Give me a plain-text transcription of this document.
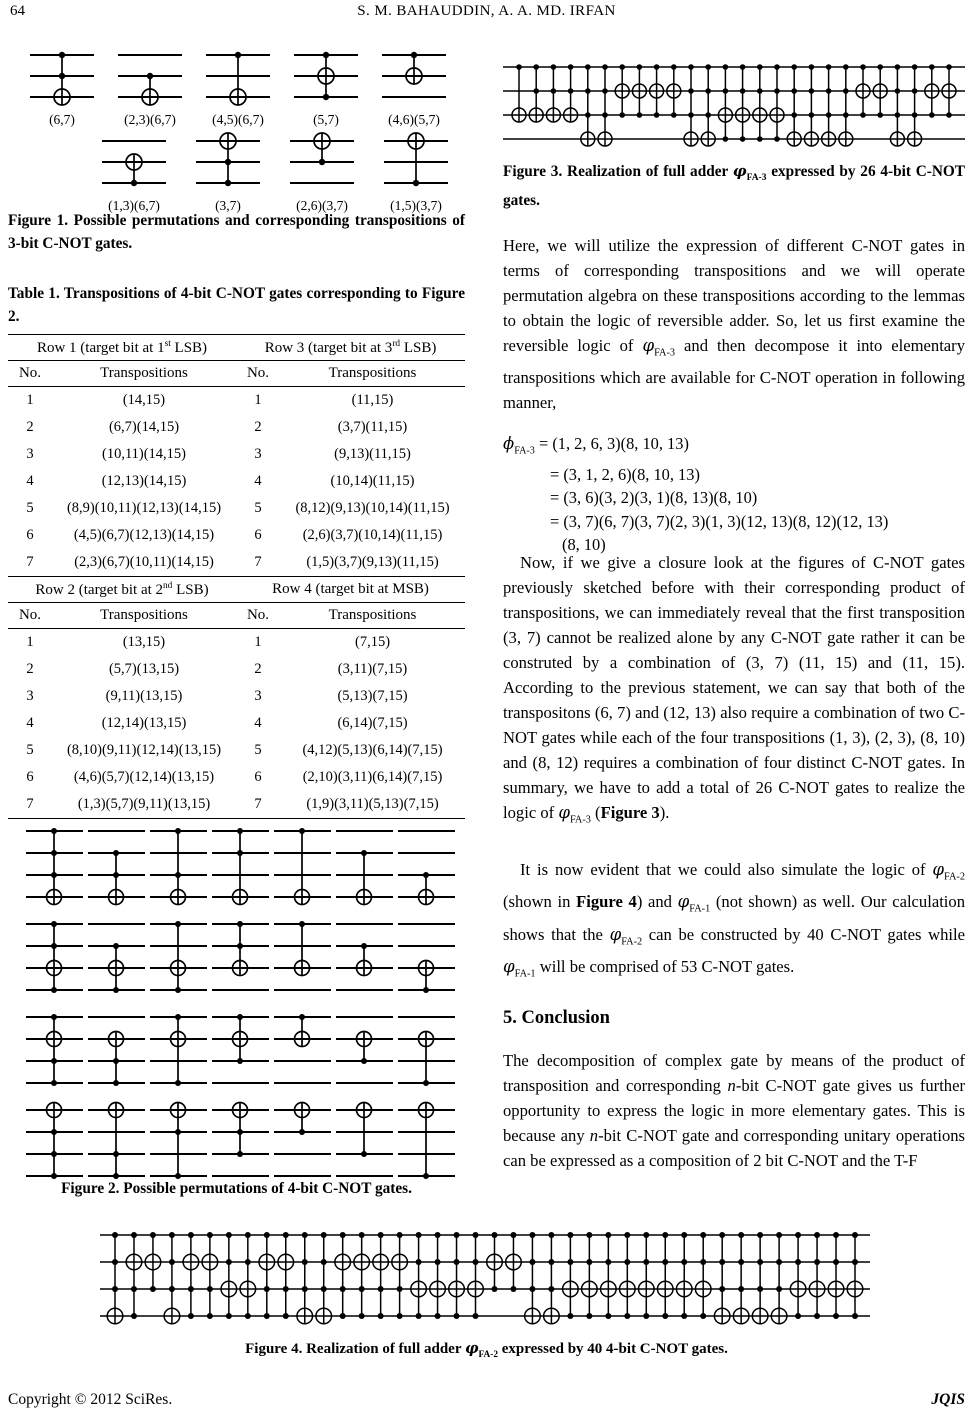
64	S. M. BAHAUDDIN, A. A. MD. IRFAN
(6,7)	(2,3)(6,7)	(4,5)(6,7)	(5,7)	(4,6)(5,7)
(1,3)(6,7)	(3,7)	(2,6)(3,7)	(1,5)(3,7)
Figure 1. Possible permutations and corresponding transpositions of 3-bit C-NOT gates.
Table 1. Transpositions of 4-bit C-NOT gates corresponding to Figure 2.
Row 1 (target bit at 1st LSB)		Row 3 (target bit at 3rd LSB)	
No.	Transpositions	No.	Transpositions
1	(14,15)	1	(11,15)
2	(6,7)(14,15)	2	(3,7)(11,15)
3	(10,11)(14,15)	3	(9,13)(11,15)
4	(12,13)(14,15)	4	(10,14)(11,15)
5	(8,9)(10,11)(12,13)(14,15)	5	(8,12)(9,13)(10,14)(11,15)
6	(4,5)(6,7)(12,13)(14,15)	6	(2,6)(3,7)(10,14)(11,15)
7	(2,3)(6,7)(10,11)(14,15)	7	(1,5)(3,7)(9,13)(11,15)
Row 2 (target bit at 2nd LSB)		Row 4 (target bit at MSB)	
No.	Transpositions	No.	Transpositions
1	(13,15)	1	(7,15)
2	(5,7)(13,15)	2	(3,11)(7,15)
3	(9,11)(13,15)	3	(5,13)(7,15)
4	(12,14)(13,15)	4	(6,14)(7,15)
5	(8,10)(9,11)(12,14)(13,15)	5	(4,12)(5,13)(6,14)(7,15)
6	(4,6)(5,7)(12,14)(13,15)	6	(2,10)(3,11)(6,14)(7,15)
7	(1,3)(5,7)(9,11)(13,15)	7	(1,9)(3,11)(5,13)(7,15)
Figure 2. Possible permutations of 4-bit C-NOT gates.
Figure 3. Realization of full adder $\varphi_{FA-3}$ expressed by 26 4-bit C-NOT gates.
Here, we will utilize the expression of different C-NOT gates in terms of corresponding transpositions and we will operate permutation algebra on these transpositions according to the lemmas to obtain the logic of reversible adder. So, let us first examine the reversible logic of $\varphi_{FA-3}$ and then decompose it into elementary transpositions which are available for C-NOT operation in following manner,
$\phi_{FA-3} = (1$, 2, 6, 3)(8, 10, 13)
= (3, 1, 2, 6)(8, 10, 13)
= (3, 6)(3, 2)(3, 1)(8, 13)(8, 10)
= (3, 7)(6, 7)(3, 7)(2, 3)(1, 3)(12, 13)(8, 12)(12, 13)
(8, 10)
Now, if we give a closure look at the figures of C-NOT gates previously sketched before with their corresponding product of transpositions, we can immediately reveal that the first transposition (3, 7) cannot be realized alone by any C-NOT gate rather it can be construted by a combination of (3, 7) (11, 15) and (11, 15). According to the previous statement, we can say that both of the transpositons (6, 7) and (12, 13) also require a combination of two C-NOT gates while each of the four transpositions (1, 3), (2, 3), (8, 10) and (8, 12) requires a combination of four distinct C-NOT gates. In summary, we have to add a total of 26 C-NOT gates to realize the logic of $\varphi_{FA-3}$ (Figure 3).
It is now evident that we could also simulate the logic of $\varphi_{FA-2}$ (shown in Figure 4) and $\varphi_{FA-1}$ (not shown) as well. Our calculation shows that the $\varphi_{FA-2}$ can be constructed by 40 C-NOT gates while $\varphi_{FA-1}$ will be comprised of 53 C-NOT gates.
5. Conclusion
The decomposition of complex gate by means of the product of transposition and corresponding n-bit C-NOT gate gives us further opportunity to express the logic in more elementary gates. This is because any n-bit C-NOT gate and corresponding unitary operations can be expressed as a composition of 2 bit C-NOT and the T-F
Figure 4. Realization of full adder $\varphi_{FA-2}$ expressed by 40 4-bit C-NOT gates.
Copyright © 2012 SciRes.	JQIS
